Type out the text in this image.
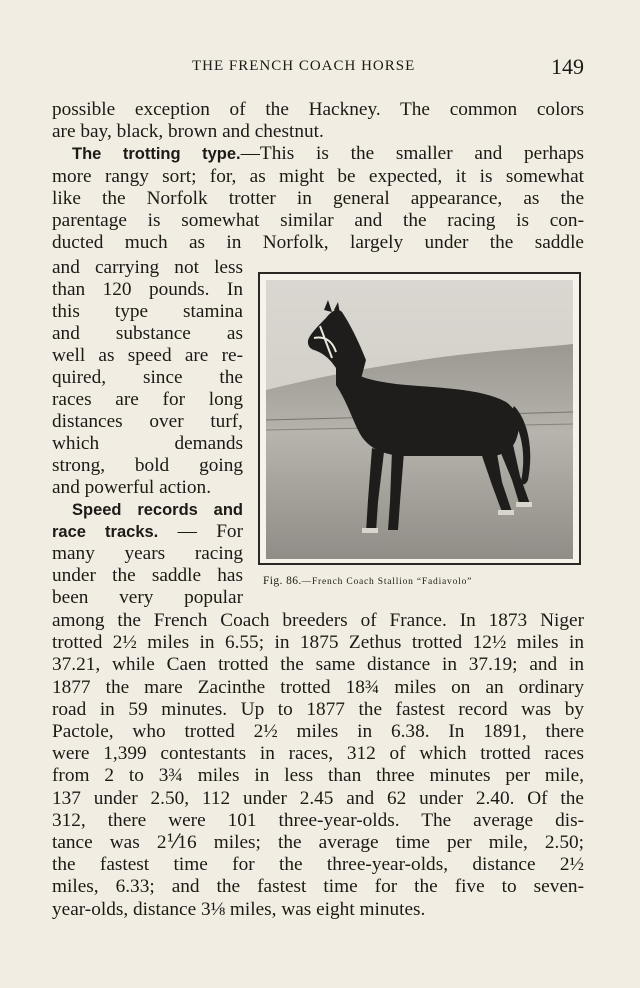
THE FRENCH COACH HORSE	149
possible exception of the Hackney. The common colors
are bay, black, brown and chestnut.
The trotting type.—This is the smaller and perhaps
more rangy sort; for, as might be expected, it is somewhat
like the Norfolk trotter in general appearance, as the
parentage is somewhat similar and the racing is con-
ducted much as in Norfolk, largely under the saddle
and carrying not less
than 120 pounds. In
this type stamina
and substance as
well as speed are re-
quired, since the
races are for long
distances over turf,
which demands
strong, bold going
and powerful action.
Speed records and
race tracks. — For
many years racing
under the saddle has
been very popular
Fig. 86.—French Coach Stallion “Fadiavolo”
among the French Coach breeders of France. In 1873 Niger
trotted 2½ miles in 6.55; in 1875 Zethus trotted 12½ miles in
37.21, while Caen trotted the same distance in 37.19; and in
1877 the mare Zacinthe trotted 18¾ miles on an ordinary
road in 59 minutes. Up to 1877 the fastest record was by
Pactole, who trotted 2½ miles in 6.38. In 1891, there
were 1,399 contestants in races, 312 of which trotted races
from 2 to 3¾ miles in less than three minutes per mile,
137 under 2.50, 112 under 2.45 and 62 under 2.40. Of the
312, there were 101 three-year-olds. The average dis-
tance was 2⅟16 miles; the average time per mile, 2.50;
the fastest time for the three-year-olds, distance 2½
miles, 6.33; and the fastest time for the five to seven-
year-olds, distance 3⅛ miles, was eight minutes.
